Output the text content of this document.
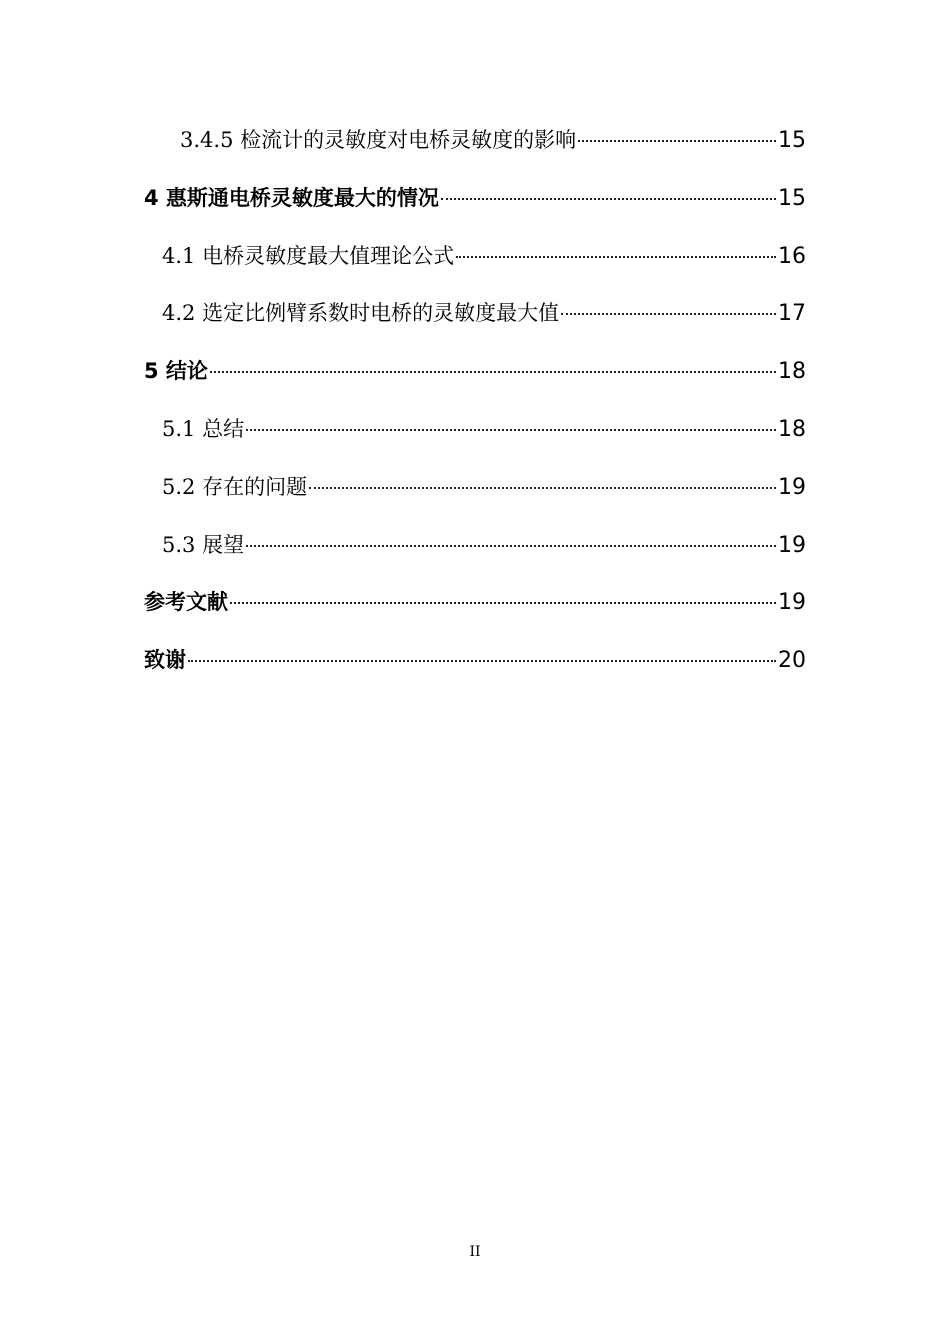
3.4.5 检流计的灵敏度对电桥灵敏度的影响	15
4 惠斯通电桥灵敏度最大的情况	15
4.1 电桥灵敏度最大值理论公式	16
4.2 选定比例臂系数时电桥的灵敏度最大值	17
5 结论	18
5.1 总结	18
5.2 存在的问题	19
5.3 展望	19
参考文献	19
致谢	20
II
